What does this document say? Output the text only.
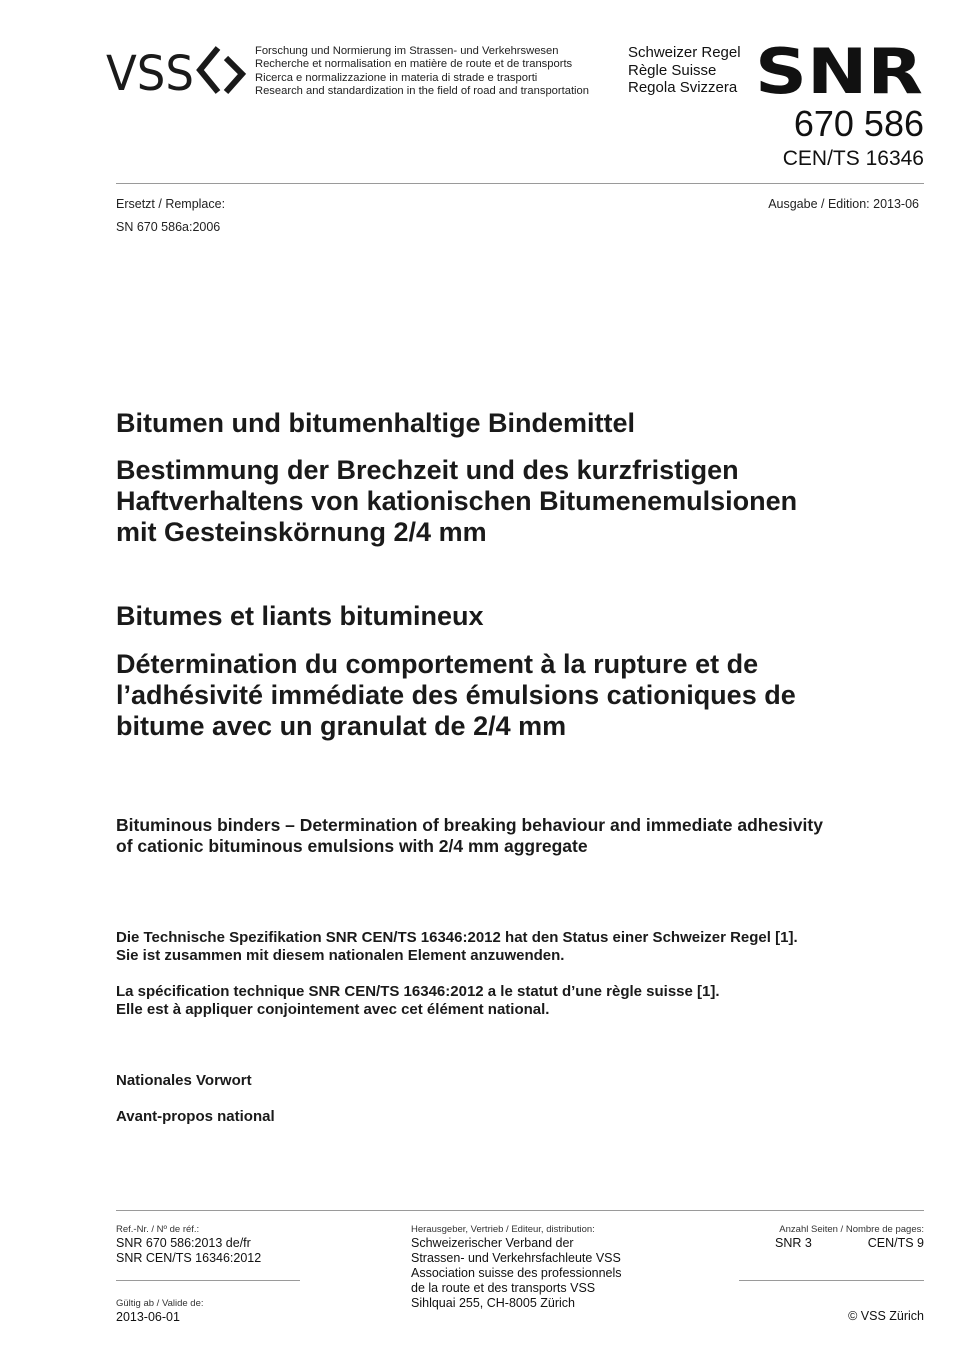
VSS	Forschung und Normierung im Strassen- und Verkehrswesen
Recherche et normalisation en matière de route et de transports
Ricerca e normalizzazione in materia di strade e trasporti
Research and standardization in the field of road and transportation
Schweizer Regel
Règle Suisse
Regola Svizzera SNR
670 586
CEN/TS 16346
Ersetzt / Remplace:
SN 670 586a:2006
Ausgabe / Edition: 2013-06
Bitumen und bitumenhaltige Bindemittel
Bestimmung der Brechzeit und des kurzfristigen
Haftverhaltens von kationischen Bitumenemulsionen
mit Gesteinskörnung 2/4 mm
Bitumes et liants bitumineux
Détermination du comportement à la rupture et de
l’adhésivité immédiate des émulsions cationiques de
bitume avec un granulat de 2/4 mm
Bituminous binders – Determination of breaking behaviour and immediate adhesivity
of cationic bituminous emulsions with 2/4 mm aggregate
Die Technische Spezifikation SNR CEN/TS 16346:2012 hat den Status einer Schweizer Regel [1].
Sie ist zusammen mit diesem nationalen Element anzuwenden.
La spécification technique SNR CEN/TS 16346:2012 a le statut d’une règle suisse [1].
Elle est à appliquer conjointement avec cet élément national.
Nationales Vorwort
Avant-propos national
Ref.-Nr. / Nº de réf.:
SNR 670 586:2013 de/fr
SNR CEN/TS 16346:2012
Gültig ab / Valide de:
2013-06-01
Herausgeber, Vertrieb / Editeur, distribution:
Schweizerischer Verband der
Strassen- und Verkehrsfachleute VSS
Association suisse des professionnels
de la route et des transports VSS
Sihlquai 255, CH-8005 Zürich
Anzahl Seiten / Nombre de pages:
SNR 3	CEN/TS 9
© VSS Zürich
